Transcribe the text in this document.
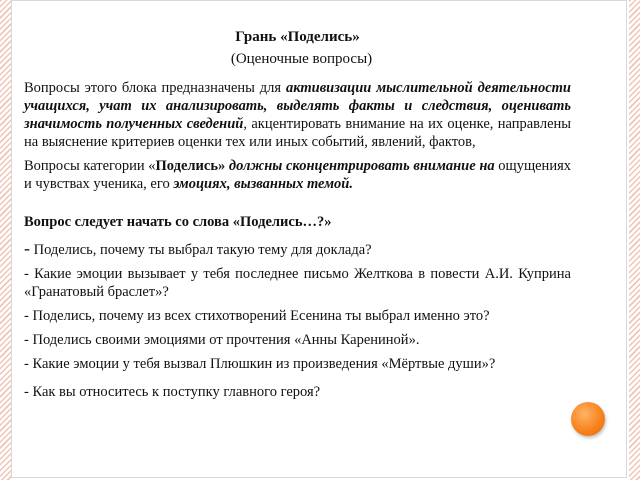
Грань «Поделись»

(Оценочные вопросы)

Вопросы этого блока предназначены для активизации мыслительной деятельности учащихся, учат их анализировать, выделять факты и следствия, оценивать значимость полученных сведений, акцентировать внимание на их оценке, направлены на выяснение критериев оценки тех или иных событий, явлений, фактов,

Вопросы категории «Поделись» должны сконцентрировать внимание на ощущениях и чувствах ученика, его эмоциях, вызванных темой.

Вопрос следует начать со слова «Поделись…?»

- Поделись, почему ты выбрал такую тему для доклада?

- Какие эмоции вызывает у тебя последнее письмо Желткова в повести А.И. Куприна «Гранатовый браслет»?

- Поделись, почему из всех стихотворений Есенина ты выбрал именно это?

- Поделись своими эмоциями от прочтения «Анны Карениной».

- Какие эмоции у тебя вызвал Плюшкин из произведения «Мёртвые души»?

- Как вы относитесь к поступку главного героя?
